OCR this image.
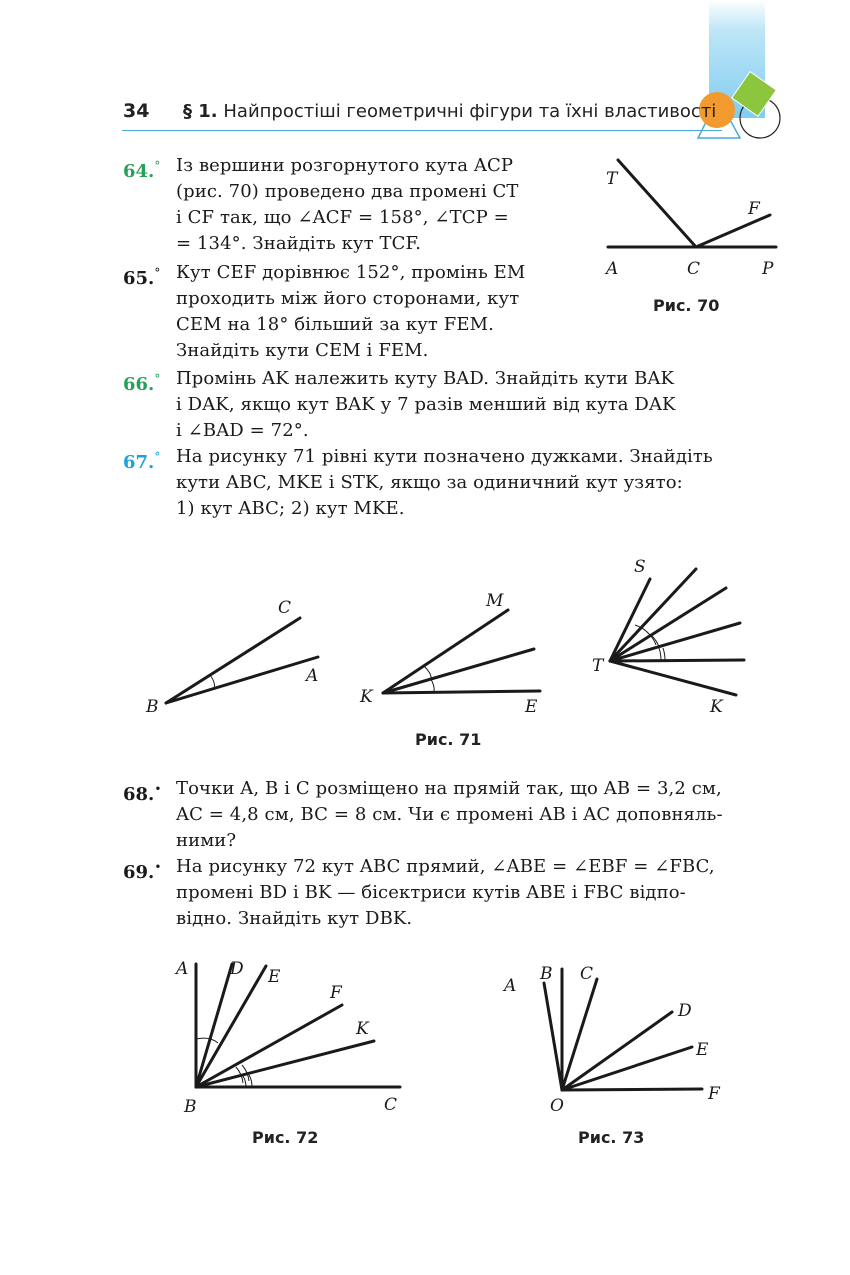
34 § 1. Найпростіші геометричні фігури та їхні властивості
64.° Із вершини розгорнутого кута ACP
(рис. 70) проведено два промені CT
і CF так, що ∠ACF = 158°, ∠TCP =
= 134°. Знайдіть кут TCF.
65.° Кут CEF дорівнює 152°, промінь EM
проходить між його сторонами, кут
CEM на 18° більший за кут FEM.
Знайдіть кути CEM і FEM.
T
F
A	C	P
Рис. 70
66.° Промінь AK належить куту BAD. Знайдіть кути BAK
і DAK, якщо кут BAK у 7 разів менший від кута DAK
і ∠BAD = 72°.
67.° На рисунку 71 рівні кути позначено дужками. Знайдіть
кути ABC, MKE і STK, якщо за одиничний кут узято:
1) кут ABC; 2) кут MKE.
C
A
B
M
K	E
S
T
K
Рис. 71
68.• Точки A, B і C розміщено на прямій так, що AB = 3,2 см,
AC = 4,8 см, BC = 8 см. Чи є промені AB і AC доповняль-
ними?
69.• На рисунку 72 кут ABC прямий, ∠ABE = ∠EBF = ∠FBC,
промені BD і BK — бісектриси кутів ABE і FBC відпо-
відно. Знайдіть кут DBK.
A D E
F
K
B	C
Рис. 72
A
B C
D
E
F
O
Рис. 73
